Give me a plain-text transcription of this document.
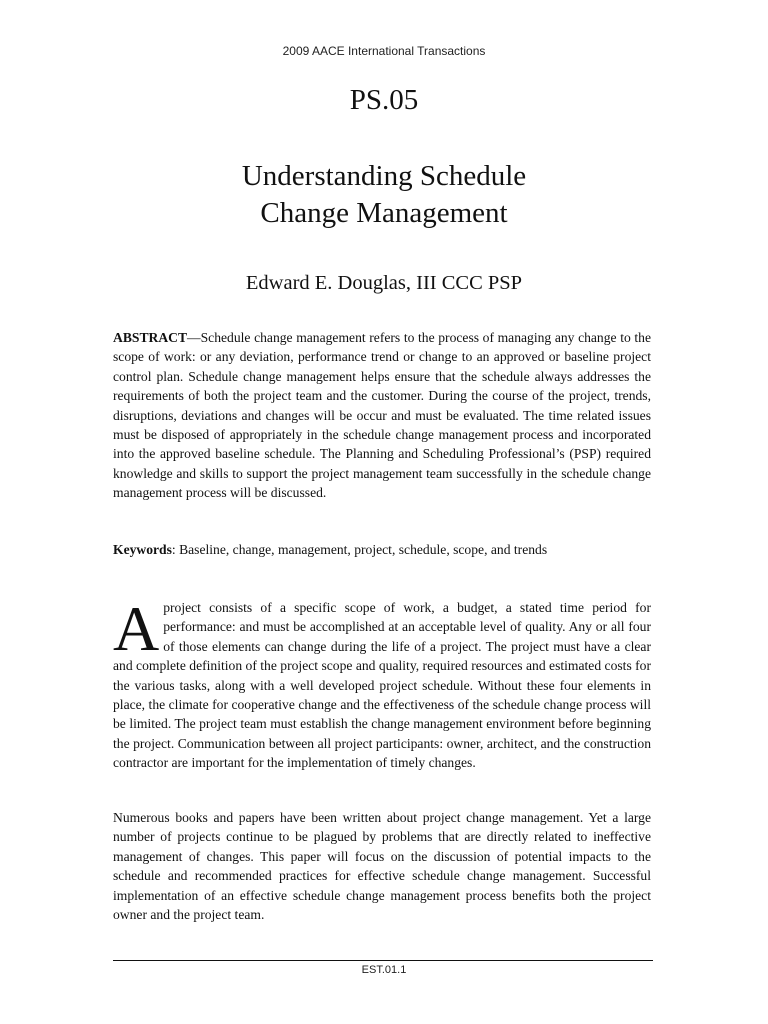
2009 AACE International Transactions
PS.05
Understanding Schedule
Change Management
Edward E. Douglas, III CCC PSP
ABSTRACT—Schedule change management refers to the process of managing any change to the scope of work: or any deviation, performance trend or change to an approved or baseline project control plan. Schedule change management helps ensure that the schedule always addresses the requirements of both the project team and the customer. During the course of the project, trends, disruptions, deviations and changes will be occur and must be evaluated. The time related issues must be disposed of appropriately in the schedule change management process and incorporated into the approved baseline schedule. The Planning and Scheduling Professional’s (PSP) required knowledge and skills to support the project management team successfully in the schedule change management process will be discussed.
Keywords: Baseline, change, management, project, schedule, scope, and trends
A project consists of a specific scope of work, a budget, a stated time period for performance: and must be accomplished at an acceptable level of quality. Any or all four of those elements can change during the life of a project. The project must have a clear and complete definition of the project scope and quality, required resources and estimated costs for the various tasks, along with a well developed project schedule. Without these four elements in place, the climate for cooperative change and the effectiveness of the schedule change process will be limited. The project team must establish the change management environment before beginning the project. Communication between all project participants: owner, architect, and the construction contractor are important for the implementation of timely changes.
Numerous books and papers have been written about project change management. Yet a large number of projects continue to be plagued by problems that are directly related to ineffective management of changes. This paper will focus on the discussion of potential impacts to the schedule and recommended practices for effective schedule change management. Successful implementation of an effective schedule change management process benefits both the project owner and the project team.
EST.01.1
